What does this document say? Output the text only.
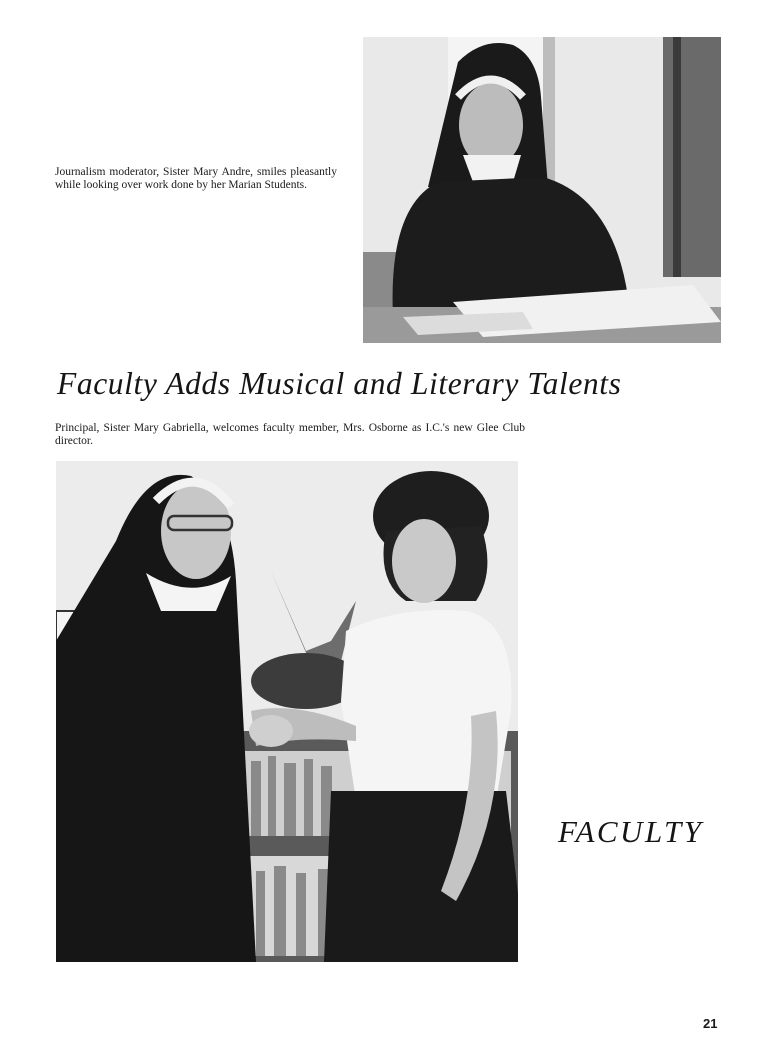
Journalism moderator, Sister Mary Andre, smiles pleasantly while looking over work done by her Marian Students.
Faculty Adds Musical and Literary Talents
Principal, Sister Mary Gabriella, welcomes faculty member, Mrs. Osborne as I.C.'s new Glee Club director.
FACULTY
21
